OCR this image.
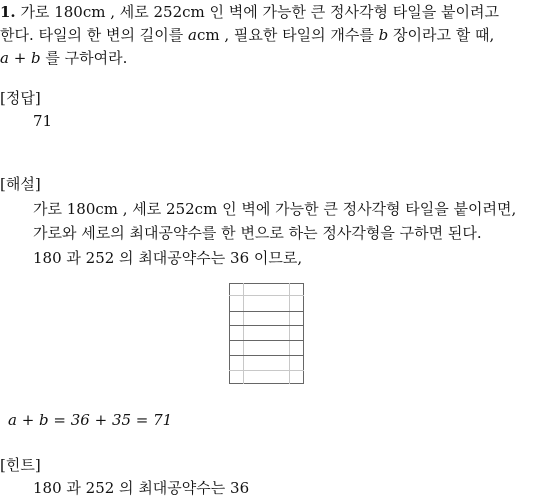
1. 가로 180cm , 세로 252cm 인 벽에 가능한 큰 정사각형 타일을 붙이려고
한다. 타일의 한 변의 길이를 acm , 필요한 타일의 개수를 b 장이라고 할 때,
a + b 를 구하여라.
[정답]
71
[해설]
가로 180cm , 세로 252cm 인 벽에 가능한 큰 정사각형 타일을 붙이려면,
가로와 세로의 최대공약수를 한 변으로 하는 정사각형을 구하면 된다.
180 과 252 의 최대공약수는 36 이므로,
a + b = 36 + 35 = 71
[힌트]
180 과 252 의 최대공약수는 36
